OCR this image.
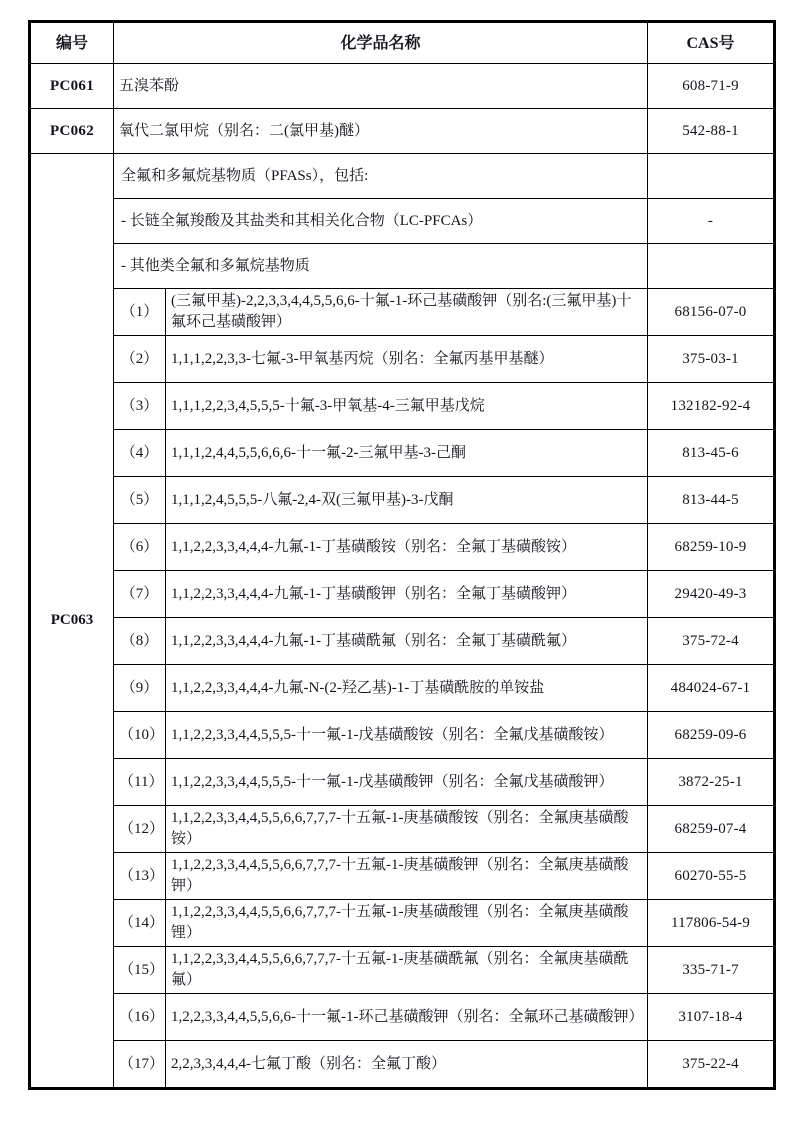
编号	化学品名称		CAS号
PC061	五溴苯酚		608-71-9
PC062	氧代二氯甲烷（别名：二(氯甲基)醚）		542-88-1
PC063	全氟和多氟烷基物质（PFASs），包括:		
	- 长链全氟羧酸及其盐类和其相关化合物（LC-PFCAs）		-
	- 其他类全氟和多氟烷基物质		
	（1）	(三氟甲基)-2,2,3,3,4,4,5,5,6,6-十氟-1-环己基磺酸钾（别名:(三氟甲基)十氟环己基磺酸钾）	68156-07-0
	（2）	1,1,1,2,2,3,3-七氟-3-甲氧基丙烷（别名：全氟丙基甲基醚）	375-03-1
	（3）	1,1,1,2,2,3,4,5,5,5-十氟-3-甲氧基-4-三氟甲基戊烷	132182-92-4
	（4）	1,1,1,2,4,4,5,5,6,6,6-十一氟-2-三氟甲基-3-己酮	813-45-6
	（5）	1,1,1,2,4,5,5,5-八氟-2,4-双(三氟甲基)-3-戊酮	813-44-5
	（6）	1,1,2,2,3,3,4,4,4-九氟-1-丁基磺酸铵（别名：全氟丁基磺酸铵）	68259-10-9
	（7）	1,1,2,2,3,3,4,4,4-九氟-1-丁基磺酸钾（别名：全氟丁基磺酸钾）	29420-49-3
	（8）	1,1,2,2,3,3,4,4,4-九氟-1-丁基磺酰氟（别名：全氟丁基磺酰氟）	375-72-4
	（9）	1,1,2,2,3,3,4,4,4-九氟-N-(2-羟乙基)-1-丁基磺酰胺的单铵盐	484024-67-1
	（10）	1,1,2,2,3,3,4,4,5,5,5-十一氟-1-戊基磺酸铵（别名：全氟戊基磺酸铵）	68259-09-6
	（11）	1,1,2,2,3,3,4,4,5,5,5-十一氟-1-戊基磺酸钾（别名：全氟戊基磺酸钾）	3872-25-1
	（12）	1,1,2,2,3,3,4,4,5,5,6,6,7,7,7-十五氟-1-庚基磺酸铵（别名：全氟庚基磺酸铵）	68259-07-4
	（13）	1,1,2,2,3,3,4,4,5,5,6,6,7,7,7-十五氟-1-庚基磺酸钾（别名：全氟庚基磺酸钾）	60270-55-5
	（14）	1,1,2,2,3,3,4,4,5,5,6,6,7,7,7-十五氟-1-庚基磺酸锂（别名：全氟庚基磺酸锂）	117806-54-9
	（15）	1,1,2,2,3,3,4,4,5,5,6,6,7,7,7-十五氟-1-庚基磺酰氟（别名：全氟庚基磺酰氟）	335-71-7
	（16）	1,2,2,3,3,4,4,5,5,6,6-十一氟-1-环己基磺酸钾（别名：全氟环己基磺酸钾）	3107-18-4
	（17）	2,2,3,3,4,4,4-七氟丁酸（别名：全氟丁酸）	375-22-4
